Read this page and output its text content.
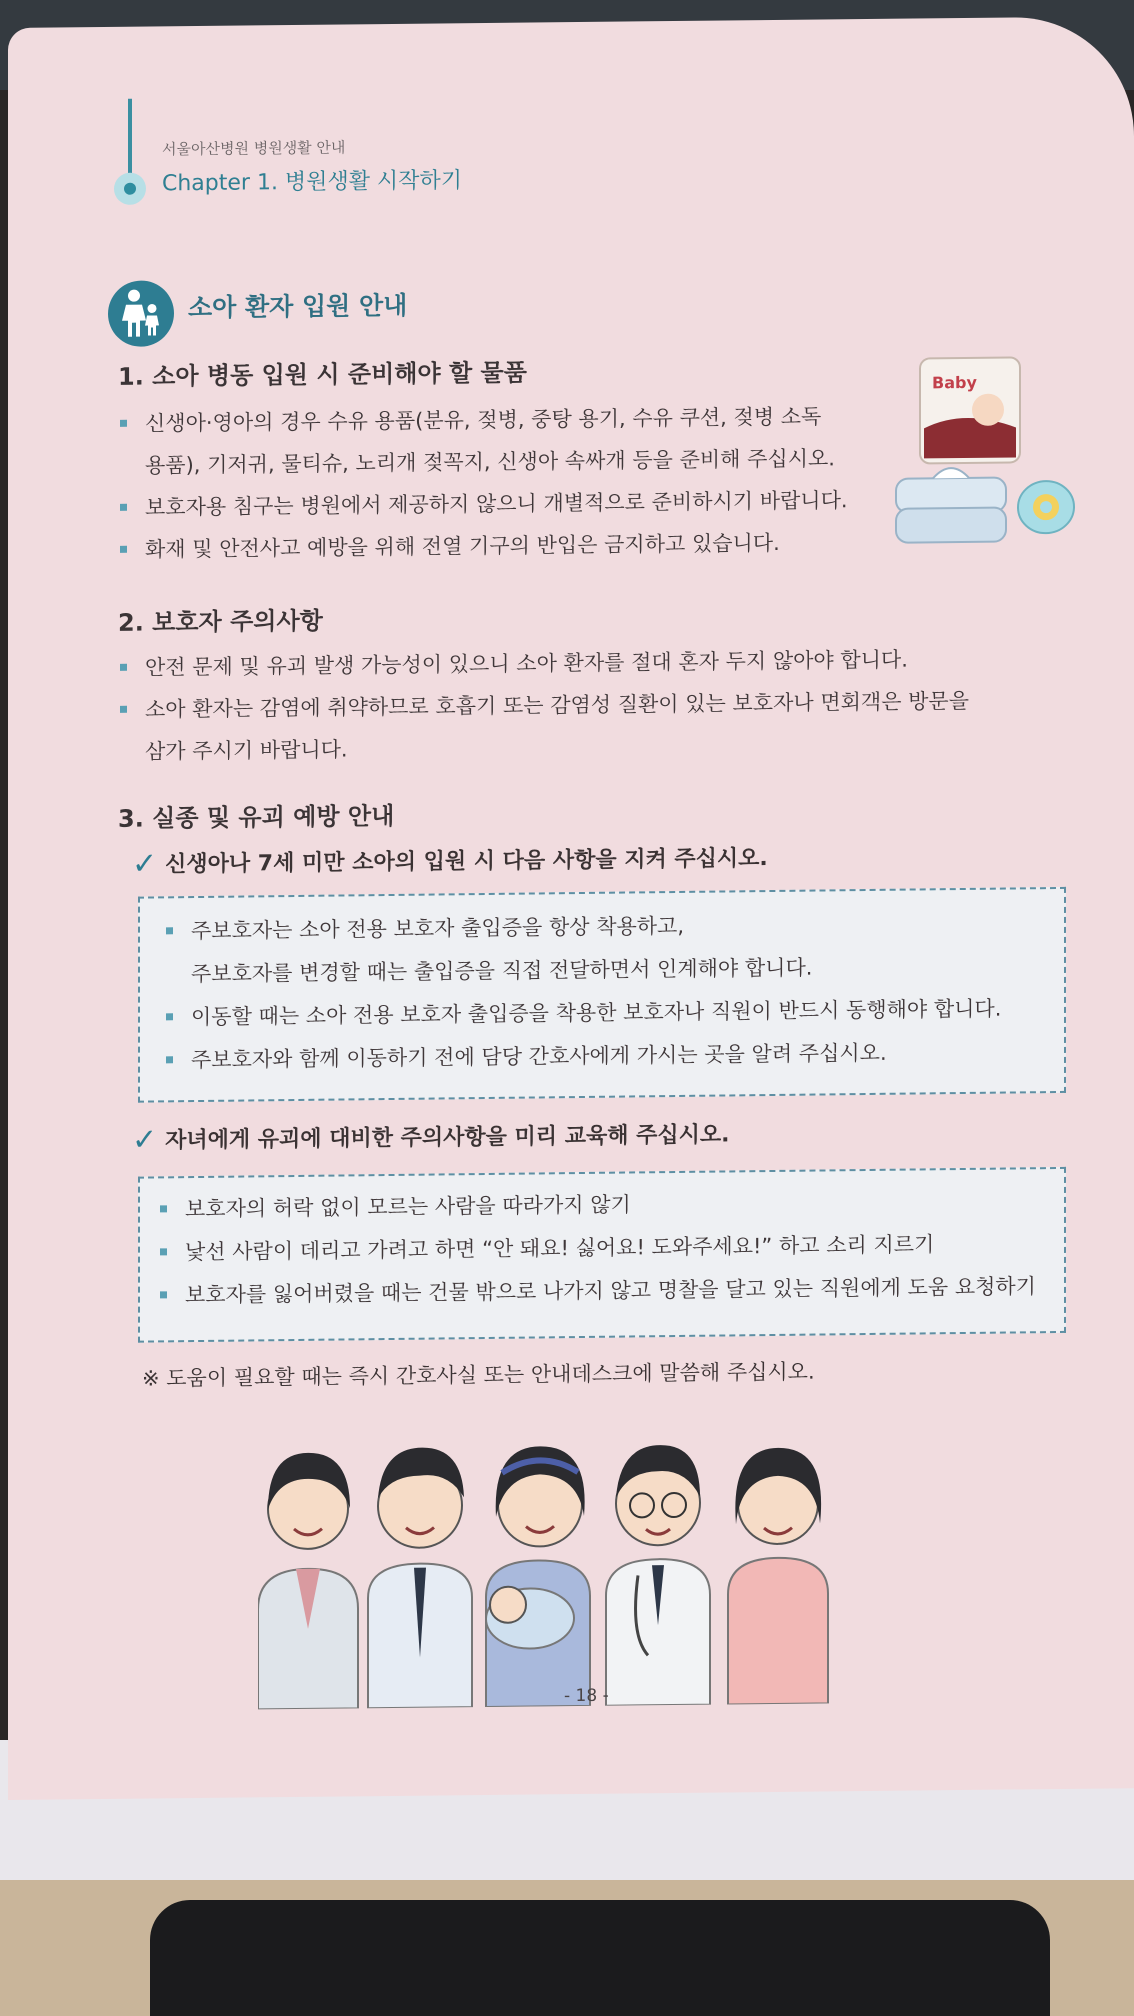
서울아산병원 병원생활 안내
Chapter 1. 병원생활 시작하기
소아 환자 입원 안내
1. 소아 병동 입원 시 준비해야 할 물품
신생아·영아의 경우 수유 용품(분유, 젖병, 중탕 용기, 수유 쿠션, 젖병 소독
용품), 기저귀, 물티슈, 노리개 젖꼭지, 신생아 속싸개 등을 준비해 주십시오.
보호자용 침구는 병원에서 제공하지 않으니 개별적으로 준비하시기 바랍니다.
화재 및 안전사고 예방을 위해 전열 기구의 반입은 금지하고 있습니다.
Baby
2. 보호자 주의사항
안전 문제 및 유괴 발생 가능성이 있으니 소아 환자를 절대 혼자 두지 않아야 합니다.
소아 환자는 감염에 취약하므로 호흡기 또는 감염성 질환이 있는 보호자나 면회객은 방문을
삼가 주시기 바랍니다.
3. 실종 및 유괴 예방 안내
✓ 신생아나 7세 미만 소아의 입원 시 다음 사항을 지켜 주십시오.
주보호자는 소아 전용 보호자 출입증을 항상 착용하고,
주보호자를 변경할 때는 출입증을 직접 전달하면서 인계해야 합니다.
이동할 때는 소아 전용 보호자 출입증을 착용한 보호자나 직원이 반드시 동행해야 합니다.
주보호자와 함께 이동하기 전에 담당 간호사에게 가시는 곳을 알려 주십시오.
✓ 자녀에게 유괴에 대비한 주의사항을 미리 교육해 주십시오.
보호자의 허락 없이 모르는 사람을 따라가지 않기
낯선 사람이 데리고 가려고 하면 “안 돼요! 싫어요! 도와주세요!” 하고 소리 지르기
보호자를 잃어버렸을 때는 건물 밖으로 나가지 않고 명찰을 달고 있는 직원에게 도움 요청하기
※ 도움이 필요할 때는 즉시 간호사실 또는 안내데스크에 말씀해 주십시오.
- 18 -
